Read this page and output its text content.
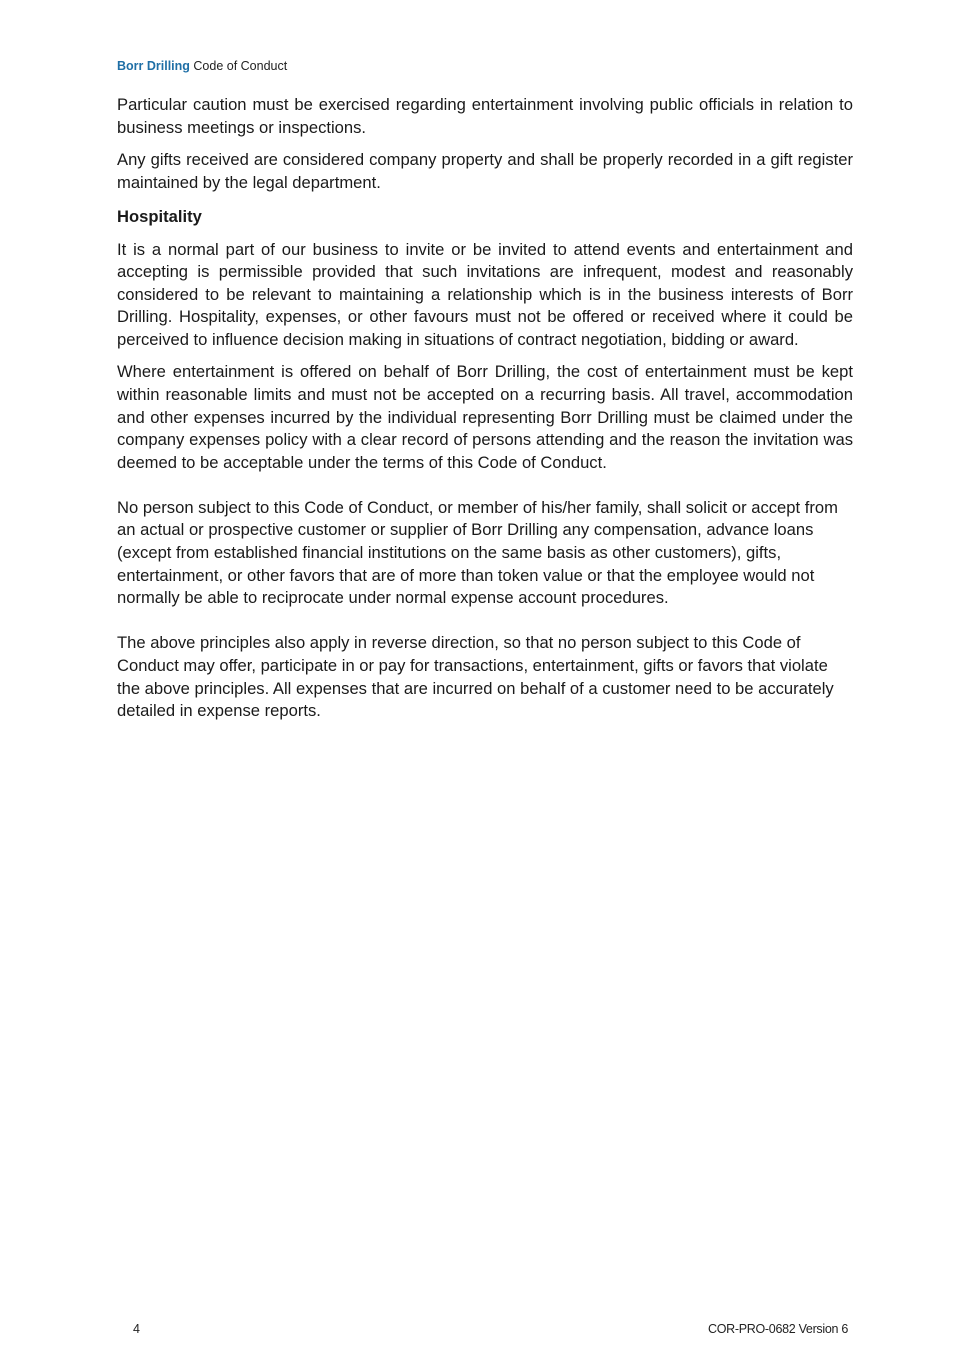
Borr Drilling Code of Conduct

Particular caution must be exercised regarding entertainment involving public officials in relation to business meetings or inspections.

Any gifts received are considered company property and shall be properly recorded in a gift register maintained by the legal department.

Hospitality

It is a normal part of our business to invite or be invited to attend events and entertainment and accepting is permissible provided that such invitations are infrequent, modest and reasonably considered to be relevant to maintaining a relationship which is in the business interests of Borr Drilling. Hospitality, expenses, or other favours must not be offered or received where it could be perceived to influence decision making in situations of contract negotiation, bidding or award.

Where entertainment is offered on behalf of Borr Drilling, the cost of entertainment must be kept within reasonable limits and must not be accepted on a recurring basis. All travel, accommodation and other expenses incurred by the individual representing Borr Drilling must be claimed under the company expenses policy with a clear record of persons attending and the reason the invitation was deemed to be acceptable under the terms of this Code of Conduct.

No person subject to this Code of Conduct, or member of his/her family, shall solicit or accept from an actual or prospective customer or supplier of Borr Drilling any compensation, advance loans (except from established financial institutions on the same basis as other customers), gifts, entertainment, or other favors that are of more than token value or that the employee would not normally be able to reciprocate under normal expense account procedures.

The above principles also apply in reverse direction, so that no person subject to this Code of Conduct may offer, participate in or pay for transactions, entertainment, gifts or favors that violate the above principles. All expenses that are incurred on behalf of a customer need to be accurately detailed in expense reports.

4	COR-PRO-0682 Version 6
